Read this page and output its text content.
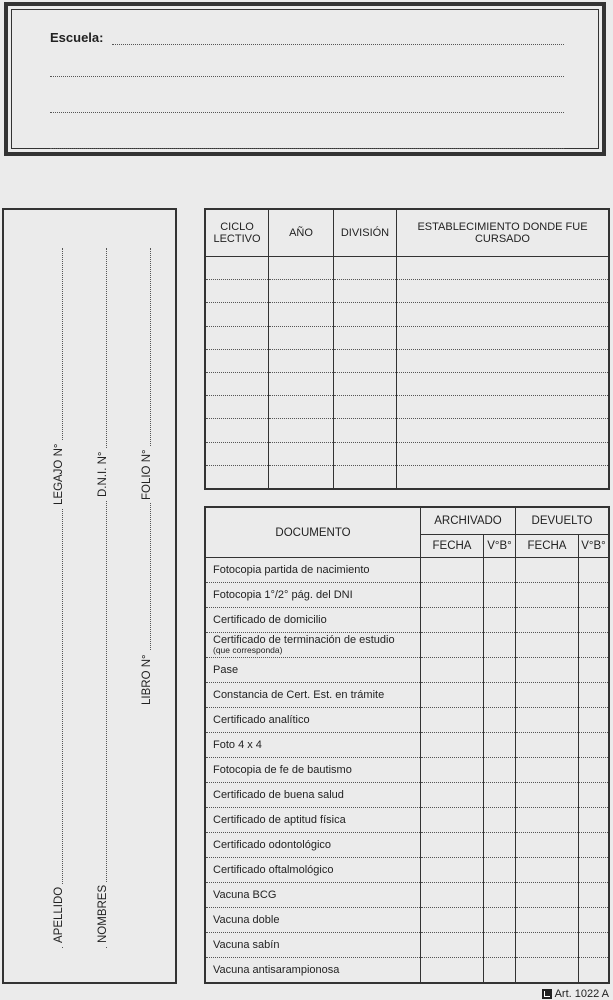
Escuela:
APELLIDO
LEGAJO N°
NOMBRES
D.N.I. N°
LIBRO N°
FOLIO N°
CICLO LECTIVO	AÑO	DIVISIÓN	ESTABLECIMIENTO DONDE FUE CURSADO

DOCUMENTO	ARCHIVADO		DEVUELTO	
	FECHA	V°B°	FECHA	V°B°
Fotocopia partida de nacimiento				
Fotocopia 1°/2° pág. del DNI				
Certificado de domicilio				
Certificado de terminación de estudio
(que corresponda)				

Pase				
Constancia de Cert. Est. en trámite				
Certificado analítico				
Foto 4 x 4				
Fotocopia de fe de bautismo				
Certificado de buena salud				
Certificado de aptitud física				
Certificado odontológico				
Certificado oftalmológico				
Vacuna BCG				
Vacuna doble				
Vacuna sabín				
Vacuna antisarampionosa				
Art. 1022 A
